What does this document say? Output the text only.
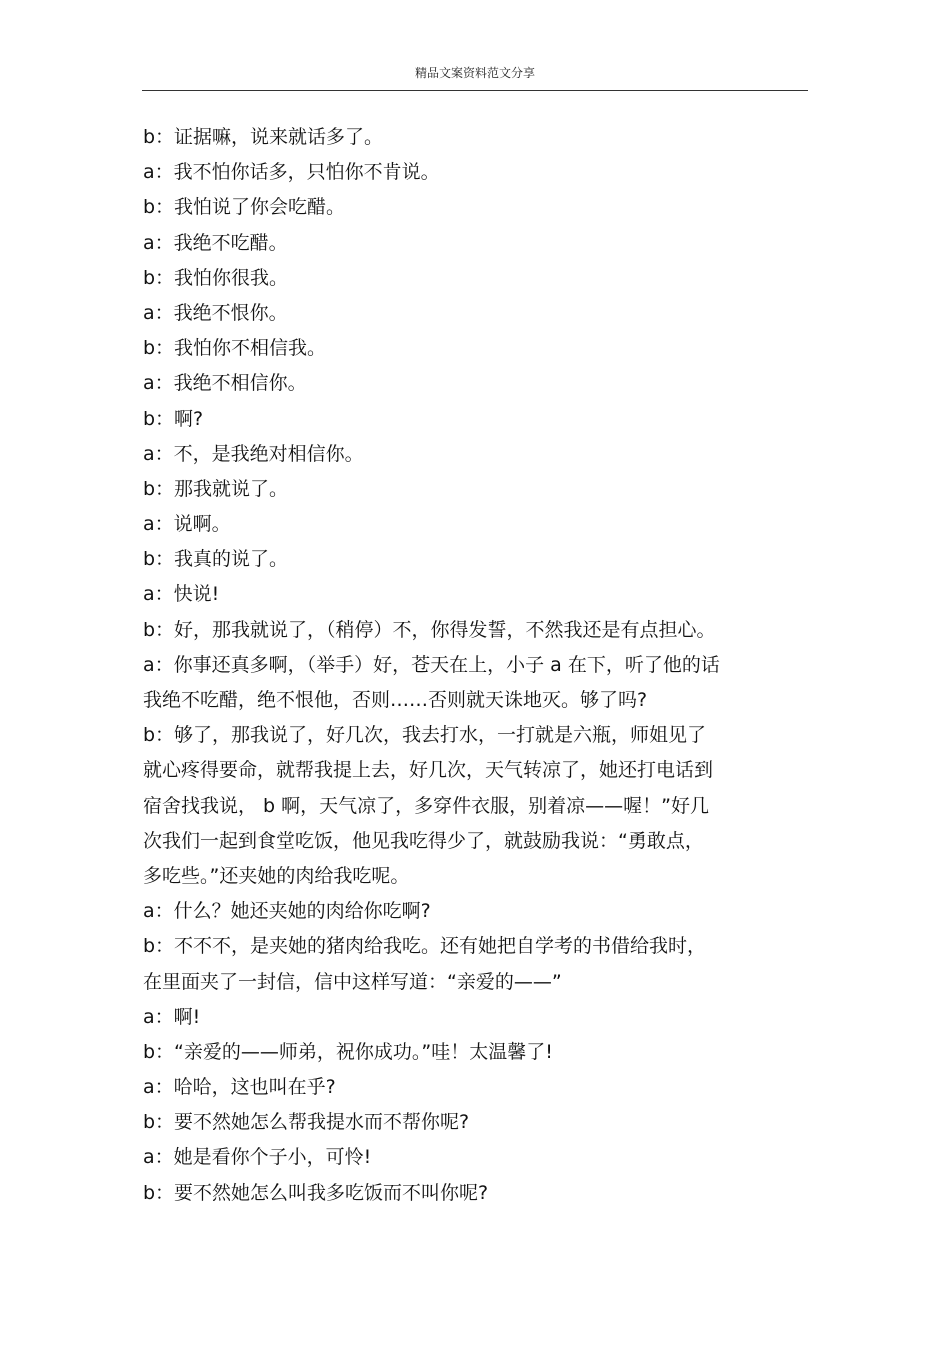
精品文案资料范文分享
b：证据嘛，说来就话多了。
a：我不怕你话多，只怕你不肯说。
b：我怕说了你会吃醋。
a：我绝不吃醋。
b：我怕你很我。
a：我绝不恨你。
b：我怕你不相信我。
a：我绝不相信你。
b：啊?
a：不，是我绝对相信你。
b：那我就说了。
a：说啊。
b：我真的说了。
a：快说!
b：好，那我就说了，（稍停）不，你得发誓，不然我还是有点担心。
a：你事还真多啊，（举手）好，苍天在上，小子 a 在下，听了他的话
我绝不吃醋，绝不恨他，否则……否则就天诛地灭。够了吗?
b：够了，那我说了，好几次，我去打水，一打就是六瓶，师姐见了
就心疼得要命，就帮我提上去，好几次，天气转凉了，她还打电话到
宿舍找我说， b 啊，天气凉了，多穿件衣服，别着凉——喔！”好几
次我们一起到食堂吃饭，他见我吃得少了，就鼓励我说：“勇敢点，
多吃些。”还夹她的肉给我吃呢。
a：什么？她还夹她的肉给你吃啊?
b：不不不，是夹她的猪肉给我吃。还有她把自学考的书借给我时，
在里面夹了一封信，信中这样写道：“亲爱的——”
a：啊!
b：“亲爱的——师弟，祝你成功。”哇！太温馨了!
a：哈哈，这也叫在乎?
b：要不然她怎么帮我提水而不帮你呢?
a：她是看你个子小，可怜!
b：要不然她怎么叫我多吃饭而不叫你呢?
